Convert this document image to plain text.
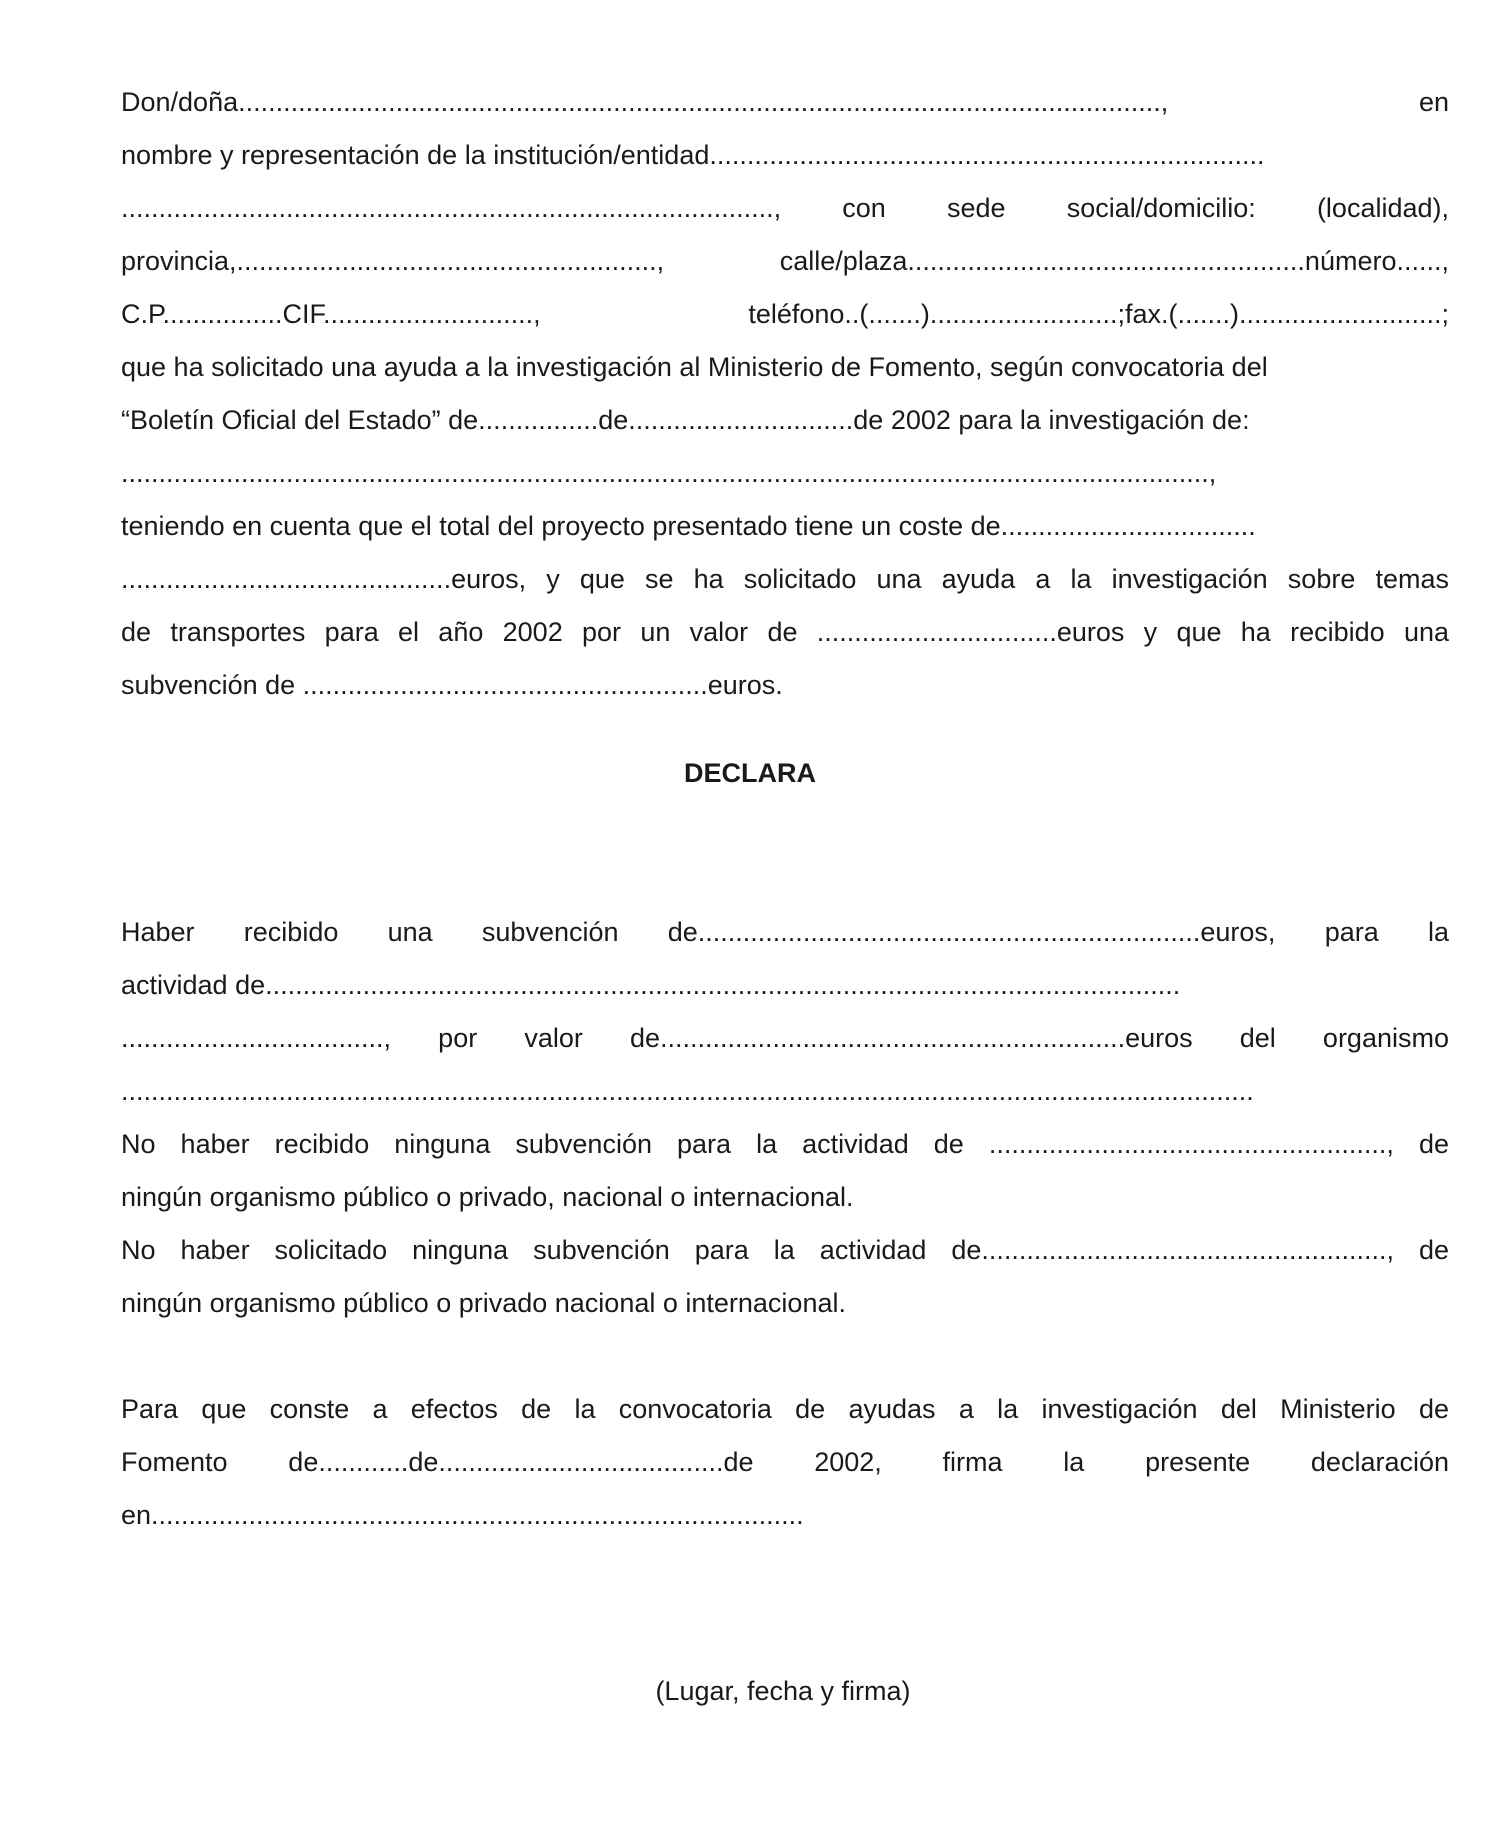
Don/doña..........................................................................................................................., en
nombre y representación de la institución/entidad..........................................................................
......................................................................................., con sede social/domicilio: (localidad),
provincia,........................................................, calle/plaza.....................................................número......,
C.P................CIF............................, teléfono..(.......).........................;fax.(.......)...........................;
que ha solicitado una ayuda a la investigación al Ministerio de Fomento, según convocatoria del
“Boletín Oficial del Estado” de................de..............................de 2002 para la investigación de:
.................................................................................................................................................,
teniendo en cuenta que el total del proyecto presentado tiene un coste de..................................
............................................euros, y que se ha solicitado una ayuda a la investigación sobre temas
de transportes para el año 2002 por un valor de ................................euros y que ha recibido una
subvención de ......................................................euros.
DECLARA
Haber recibido una subvención de...................................................................euros, para la
actividad de..........................................................................................................................
..................................., por valor de..............................................................euros del organismo
.......................................................................................................................................................
No haber recibido ninguna subvención para la actividad de ....................................................., de
ningún organismo público o privado, nacional o internacional.
No haber solicitado ninguna subvención para la actividad de......................................................, de
ningún organismo público o privado nacional o internacional.
Para que conste a efectos de la convocatoria de ayudas a la investigación del Ministerio de
Fomento de............de......................................de 2002, firma la presente declaración
en.......................................................................................
(Lugar, fecha y firma)
